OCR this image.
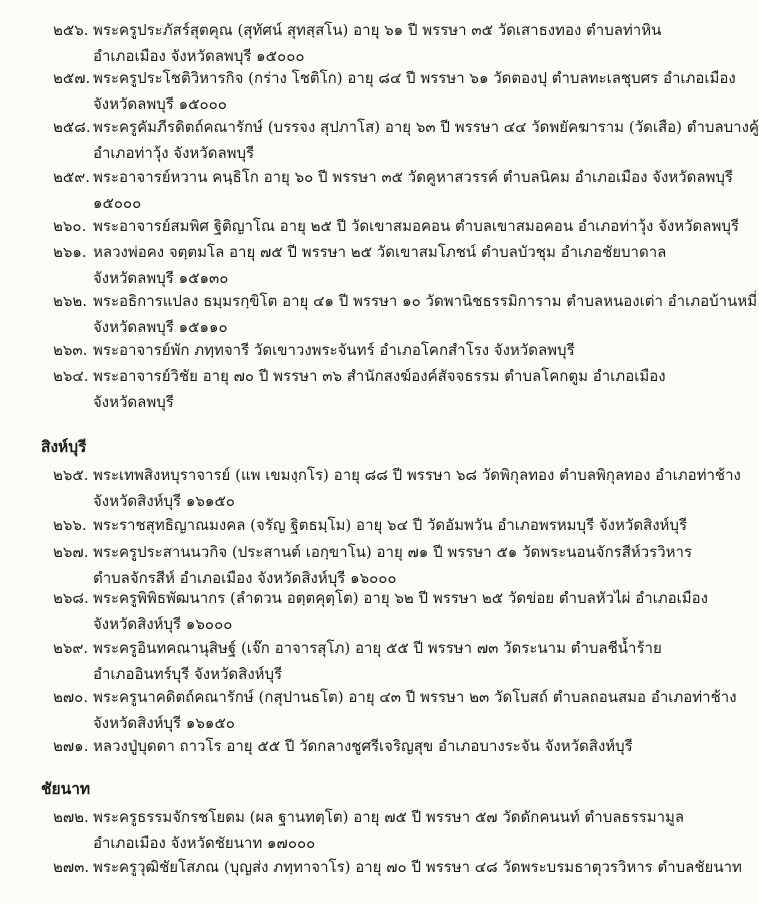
๒๕๖. พระครูประภัสร์สุตคุณ (สุทัศน์ สุทสฺสโน) อายุ ๖๑ ปี พรรษา ๓๕ วัดเสาธงทอง ตำบลท่าหิน
อำเภอเมือง จังหวัดลพบุรี ๑๕๐๐๐
๒๕๗. พระครูประโชติวิหารกิจ (กร่าง โชติโก) อายุ ๘๔ ปี พรรษา ๖๑ วัดตองปุ ตำบลทะเลชุบศร อำเภอเมือง
จังหวัดลพบุรี ๑๕๐๐๐
๒๕๘. พระครูคัมภีรดิตถ์คณารักษ์ (บรรจง สุปภาโส) อายุ ๖๓ ปี พรรษา ๔๔ วัดพยัคฆาราม (วัดเสือ) ตำบลบางคู้
อำเภอท่าวุ้ง จังหวัดลพบุรี
๒๕๙. พระอาจารย์หวาน คนฺธิโก อายุ ๖๐ ปี พรรษา ๓๕ วัดคูหาสวรรค์ ตำบลนิคม อำเภอเมือง จังหวัดลพบุรี
๑๕๐๐๐
๒๖๐. พระอาจารย์สมพิศ ฐิติญาโณ อายุ ๒๕ ปี วัดเขาสมอคอน ตำบลเขาสมอคอน อำเภอท่าวุ้ง จังหวัดลพบุรี
๒๖๑. หลวงพ่อคง จตฺตมโล อายุ ๗๕ ปี พรรษา ๒๕ วัดเขาสมโภชน์ ตำบลบัวชุม อำเภอชัยบาดาล
จังหวัดลพบุรี ๑๕๑๓๐
๒๖๒. พระอธิการแปลง ธมฺมรกฺขิโต อายุ ๔๑ ปี พรรษา ๑๐ วัดพานิชธรรมิการาม ตำบลหนองเต่า อำเภอบ้านหมี่
จังหวัดลพบุรี ๑๕๑๑๐
๒๖๓. พระอาจารย์พัก ภทฺทจารี วัดเขาวงพระจันทร์ อำเภอโคกสำโรง จังหวัดลพบุรี
๒๖๔. พระอาจารย์วิชัย อายุ ๗๐ ปี พรรษา ๓๖ สำนักสงฆ์องค์สัจจธรรม ตำบลโคกตูม อำเภอเมือง
จังหวัดลพบุรี
สิงห์บุรี
๒๖๕. พระเทพสิงหบุราจารย์ (แพ เขมงฺกโร) อายุ ๘๘ ปี พรรษา ๖๘ วัดพิกุลทอง ตำบลพิกุลทอง อำเภอท่าช้าง
จังหวัดสิงห์บุรี ๑๖๑๕๐
๒๖๖. พระราชสุทธิญาณมงคล (จรัญ ฐิตธมฺโม) อายุ ๖๔ ปี วัดอัมพวัน อำเภอพรหมบุรี จังหวัดสิงห์บุรี
๒๖๗. พระครูประสานนวกิจ (ประสานต์ เอกฺขาโน) อายุ ๗๑ ปี พรรษา ๕๑ วัดพระนอนจักรสีห์วรวิหาร
ตำบลจักรสีห์ อำเภอเมือง จังหวัดสิงห์บุรี ๑๖๐๐๐
๒๖๘. พระครูพิพิธพัฒนากร (ลำดวน อตฺตคุตฺโต) อายุ ๖๒ ปี พรรษา ๒๕ วัดข่อย ตำบลหัวไผ่ อำเภอเมือง
จังหวัดสิงห์บุรี ๑๖๐๐๐
๒๖๙. พระครูอินทคณานุสิษฐ์ (เจ๊ก อาจารสุโภ) อายุ ๕๕ ปี พรรษา ๗๓ วัดระนาม ตำบลชีน้ำร้าย
อำเภออินทร์บุรี จังหวัดสิงห์บุรี
๒๗๐. พระครูนาคดิตถ์คณารักษ์ (กสุปานธโต) อายุ ๔๓ ปี พรรษา ๒๓ วัดโบสถ์ ตำบลถอนสมอ อำเภอท่าช้าง
จังหวัดสิงห์บุรี ๑๖๑๕๐
๒๗๑. หลวงปู่บุดดา ถาวโร อายุ ๕๕ ปี วัดกลางชูศรีเจริญสุข อำเภอบางระจัน จังหวัดสิงห์บุรี
ชัยนาท
๒๗๒. พระครูธรรมจักรชโยดม (ผล ฐานทตฺโต) อายุ ๗๕ ปี พรรษา ๕๗ วัดดักคนนท์ ตำบลธรรมามูล
อำเภอเมือง จังหวัดชัยนาท ๑๗๐๐๐
๒๗๓. พระครูวุฒิชัยโสภณ (บุญส่ง ภทฺทาจาโร) อายุ ๗๐ ปี พรรษา ๔๘ วัดพระบรมธาตุวรวิหาร ตำบลชัยนาท
